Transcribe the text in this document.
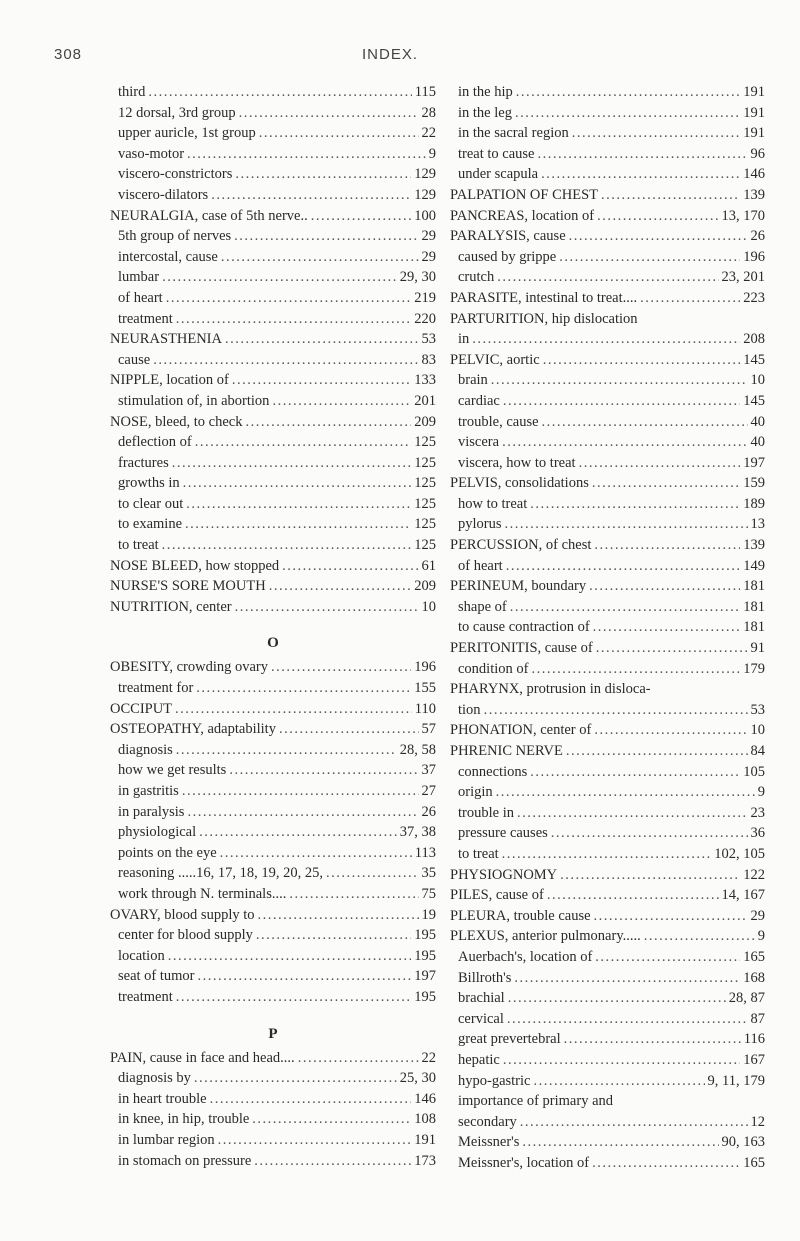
308	INDEX.
third .....	115
12 dorsal, 3rd group .....	28
upper auricle, 1st group .....	22
vaso-motor .....	9
viscero-constrictors .....	129
viscero-dilators .....	129
NEURALGIA, case of 5th nerve.. .....	100
5th group of nerves .....	29
intercostal, cause .....	29
lumbar .....	29, 30
of heart .....	219
treatment .....	220
NEURASTHENIA .....	53
cause .....	83
NIPPLE, location of .....	133
stimulation of, in abortion .....	201
NOSE, bleed, to check .....	209
deflection of .....	125
fractures .....	125
growths in .....	125
to clear out .....	125
to examine .....	125
to treat .....	125
NOSE BLEED, how stopped .....	61
NURSE'S SORE MOUTH .....	209
NUTRITION, center .....	10
O
OBESITY, crowding ovary .....	196
treatment for .....	155
OCCIPUT .....	110
OSTEOPATHY, adaptability .....	57
diagnosis .....	28, 58
how we get results .....	37
in gastritis .....	27
in paralysis .....	26
physiological .....	37, 38
points on the eye .....	113
reasoning .....16, 17, 18, 19, 20, 25, .....	35
work through N. terminals.... .....	75
OVARY, blood supply to .....	19
center for blood supply .....	195
location .....	195
seat of tumor .....	197
treatment .....	195
P
PAIN, cause in face and head.... .....	22
diagnosis by .....	25, 30
in heart trouble .....	146
in knee, in hip, trouble .....	108
in lumbar region .....	191
in stomach on pressure .....	173
in the hip .....	191
in the leg .....	191
in the sacral region .....	191
treat to cause .....	96
under scapula .....	146
PALPATION OF CHEST .....	139
PANCREAS, location of .....	13, 170
PARALYSIS, cause .....	26
caused by grippe .....	196
crutch .....	23, 201
PARASITE, intestinal to treat.... .....	223
PARTURITION, hip dislocation
in .....	208
PELVIC, aortic .....	145
brain .....	10
cardiac .....	145
trouble, cause .....	40
viscera .....	40
viscera, how to treat .....	197
PELVIS, consolidations .....	159
how to treat .....	189
pylorus .....	13
PERCUSSION, of chest .....	139
of heart .....	149
PERINEUM, boundary .....	181
shape of .....	181
to cause contraction of .....	181
PERITONITIS, cause of .....	91
condition of .....	179
PHARYNX, protrusion in disloca-
tion .....	53
PHONATION, center of .....	10
PHRENIC NERVE .....	84
connections .....	105
origin .....	9
trouble in .....	23
pressure causes .....	36
to treat .....	102, 105
PHYSIOGNOMY .....	122
PILES, cause of .....	14, 167
PLEURA, trouble cause .....	29
PLEXUS, anterior pulmonary..... .....	9
Auerbach's, location of .....	165
Billroth's .....	168
brachial .....	28, 87
cervical .....	87
great prevertebral .....	116
hepatic .....	167
hypo-gastric .....	9, 11, 179
importance of primary and
secondary .....	12
Meissner's .....	90, 163
Meissner's, location of .....	165
